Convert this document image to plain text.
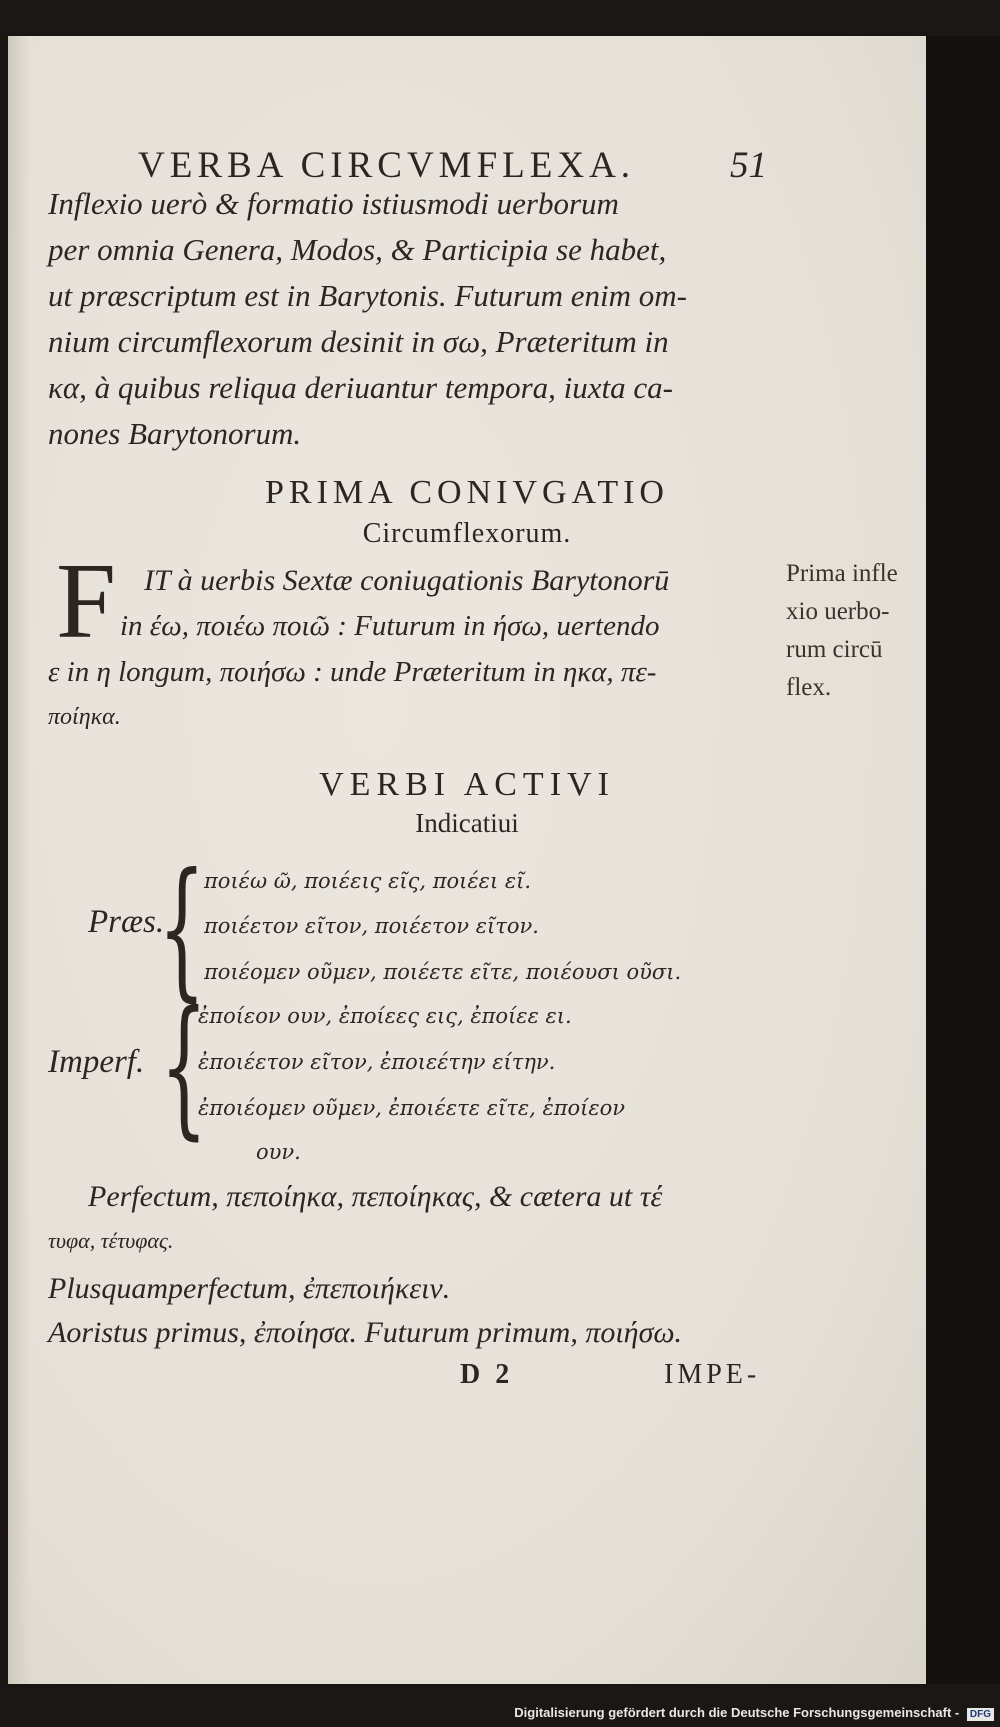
VERBA CIRCVMFLEXA.	51
Inflexio uerò & formatio istiusmodi uerborum
per omnia Genera, Modos, & Participia se habet,
ut præscriptum est in Barytonis. Futurum enim om-
nium circumflexorum desinit in σω, Præteritum in
κα, à quibus reliqua deriuantur tempora, iuxta ca-
nones Barytonorum.
PRIMA CONIVGATIO
Circumflexorum.
F IT à uerbis Sextæ coniugationis Barytonorū
in έω, ποιέω ποιῶ : Futurum in ήσω, uertendo
ε in η longum, ποιήσω : unde Præteritum in ηκα, πε-
ποίηκα.
Prima infle
xio uerbo-
rum circū
flex.
VERBI ACTIVI
Indicatiui
Præs.
{
ποιέω ῶ, ποιέεις εῖς, ποιέει εῖ.
ποιέετον εῖτον, ποιέετον εῖτον.
ποιέομεν οῦμεν, ποιέετε εῖτε, ποιέουσι οῦσι.
Imperf. {
ἐποίεον ουν, ἐποίεες εις, ἐποίεε ει.
ἐποιέετον εῖτον, ἐποιεέτην είτην.
ἐποιέομεν οῦμεν, ἐποιέετε εῖτε, ἐποίεον
ουν.
Perfectum, πεποίηκα, πεποίηκας, & cætera ut τέ
τυφα, τέτυφας.
Plusquamperfectum, ἐπεποιήκειν.
Aoristus primus, ἐποίησα. Futurum primum, ποιήσω.
D 2	IMPE-
Digitalisierung gefördert durch die Deutsche Forschungsgemeinschaft - DFG
